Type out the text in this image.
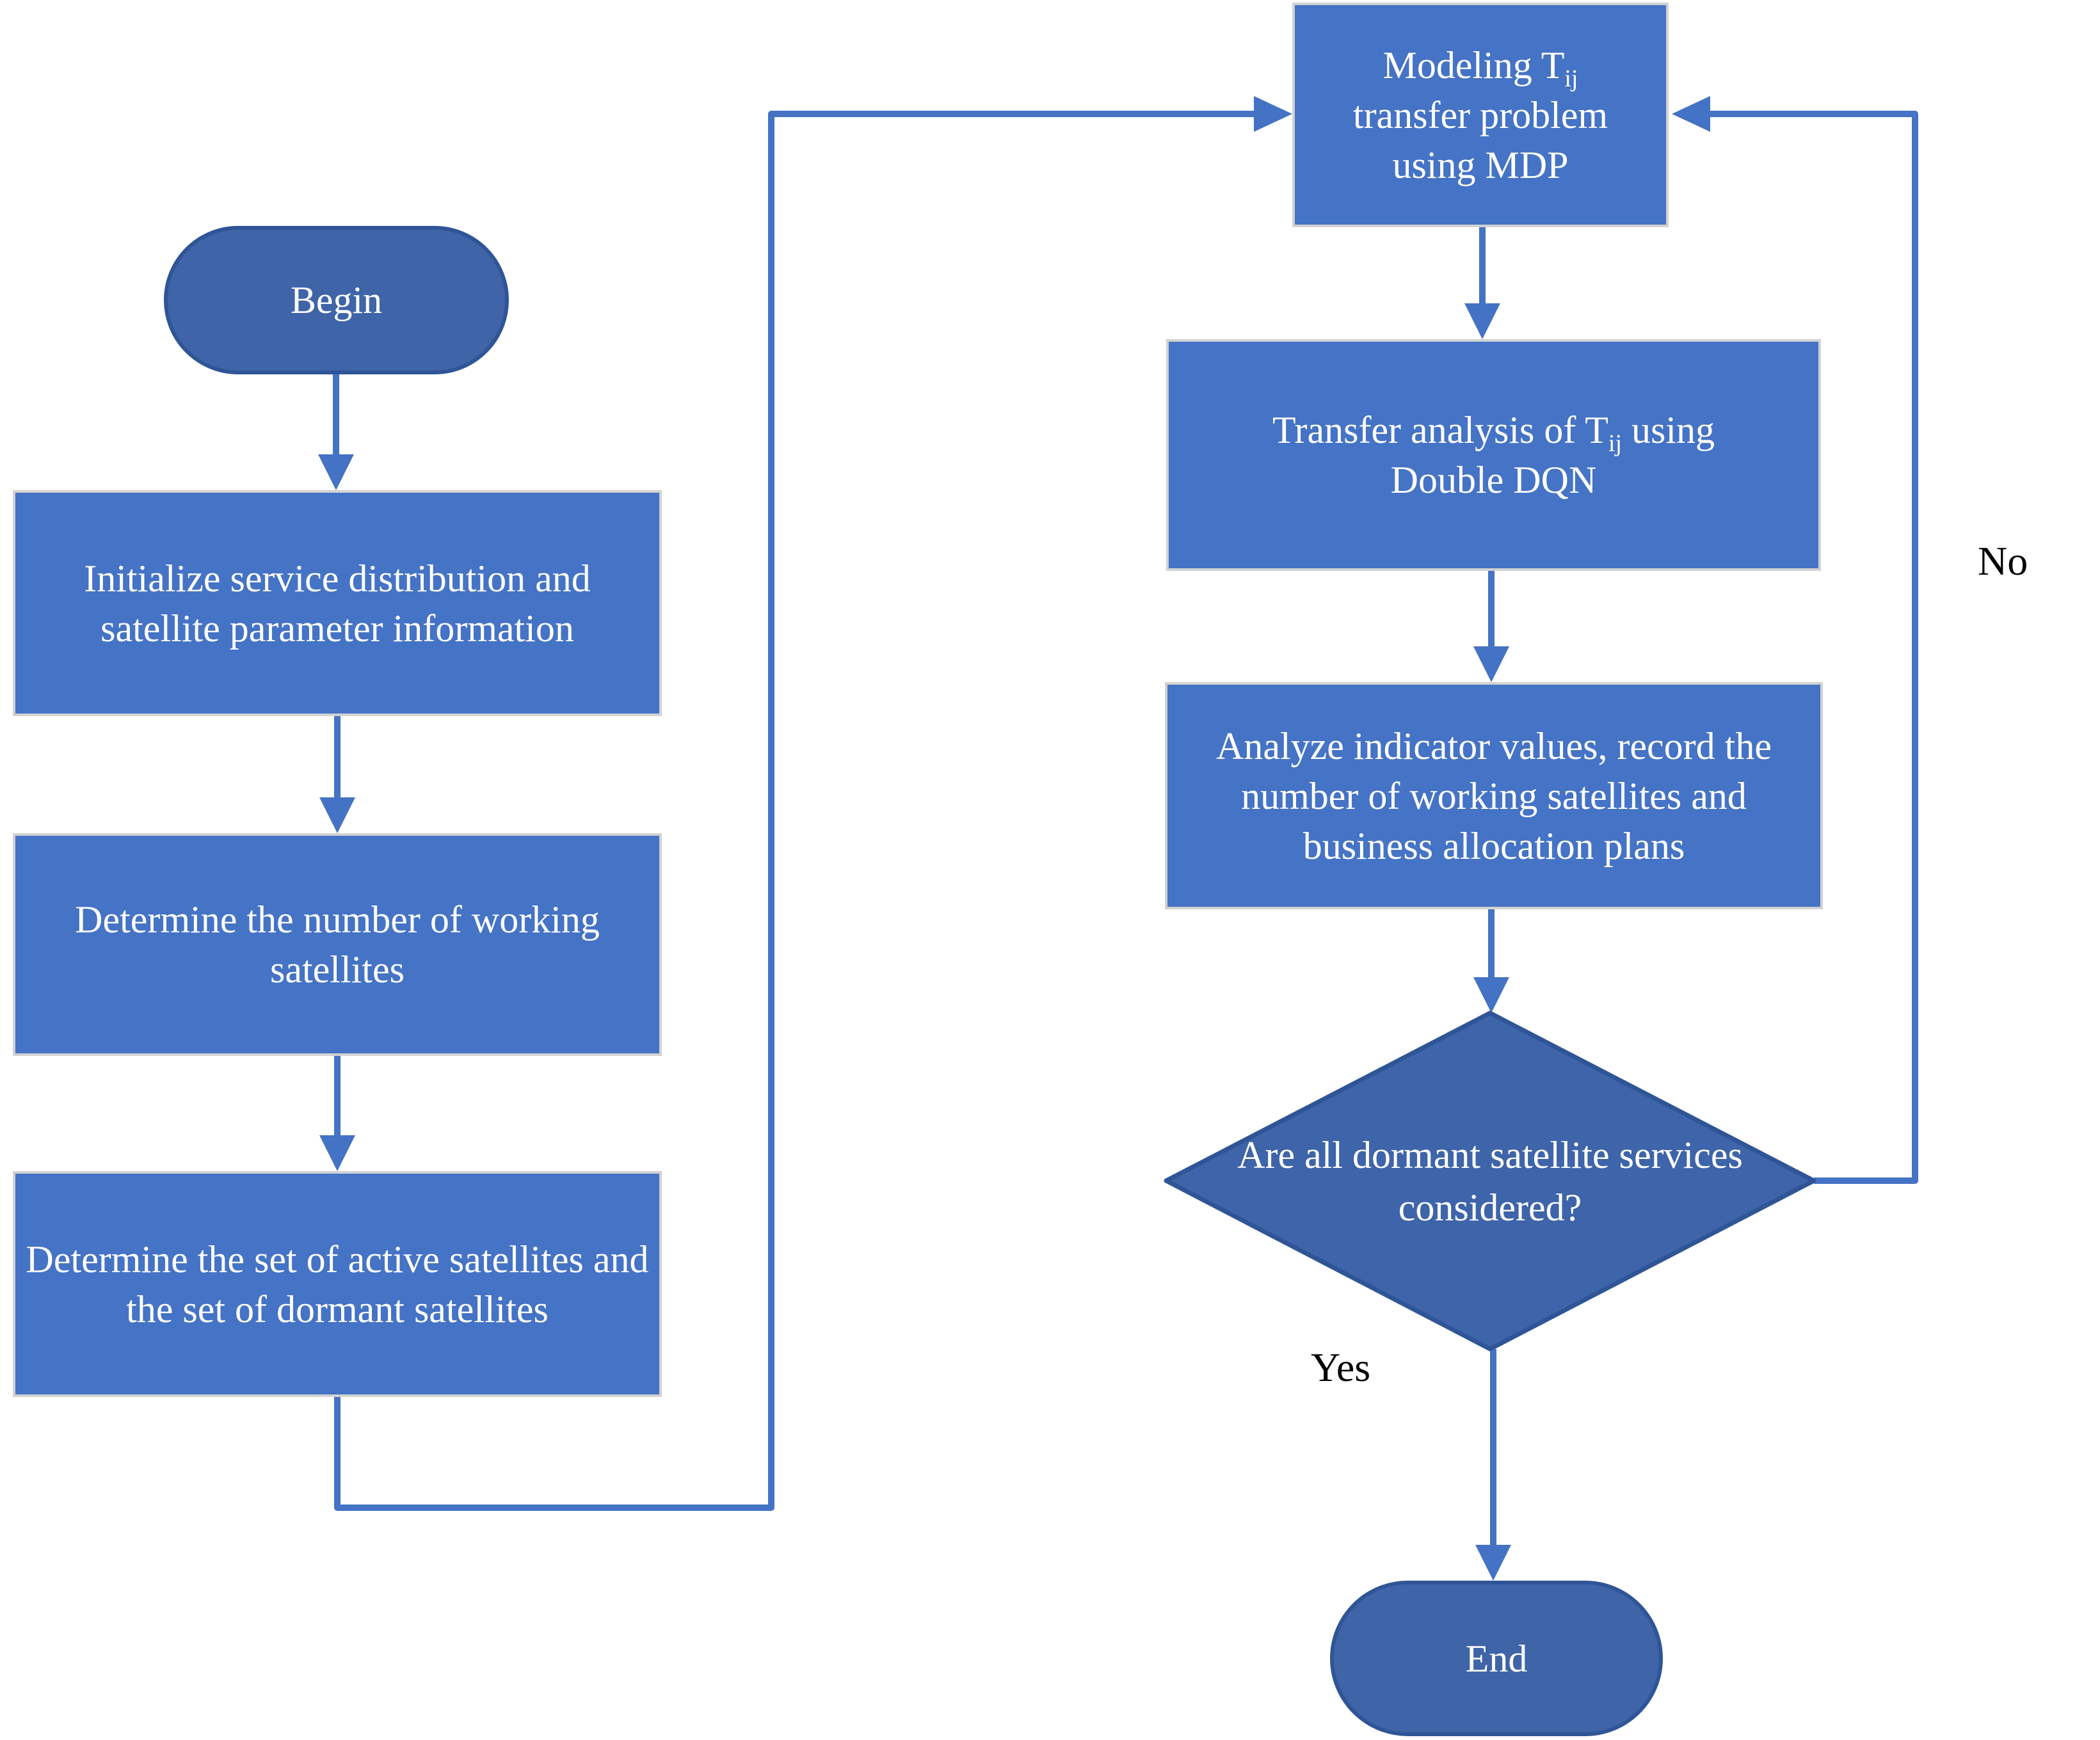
Begin
Initialize service distribution and satellite parameter information
Determine the number of working satellites
Determine the set of active satellites and the set of dormant satellites
Modeling $T_{ij}$
transfer problem
using MDP
Transfer analysis of $T_{ij}$ using
Double DQN
Analyze indicator values, record the number of working satellites and business allocation plans
Are all dormant satellite services considered?
End
Yes
No
